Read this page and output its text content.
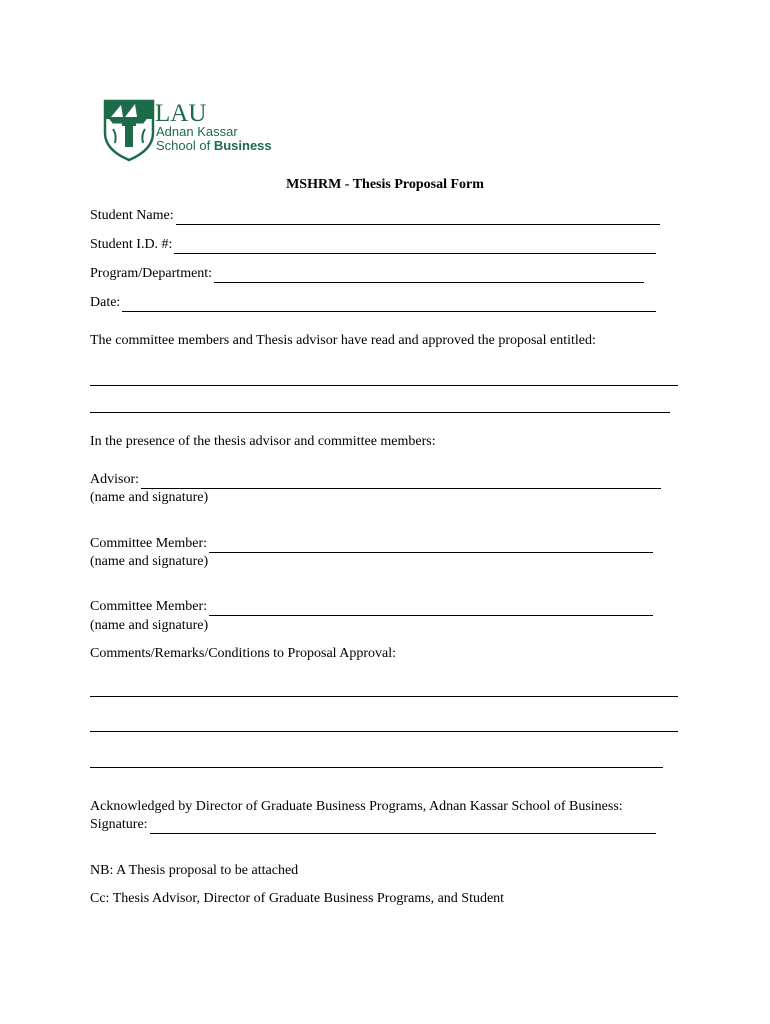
LAU
Adnan Kassar
School of Business
MSHRM - Thesis Proposal Form
Student Name:
Student I.D. #:
Program/Department:
Date:
The committee members and Thesis advisor have read and approved the proposal entitled:
In the presence of the thesis advisor and committee members:
Advisor:
(name and signature)
Committee Member:
(name and signature)
Committee Member:
(name and signature)
Comments/Remarks/Conditions to Proposal Approval:
Acknowledged by Director of Graduate Business Programs, Adnan Kassar School of Business:
Signature:
NB: A Thesis proposal to be attached
Cc: Thesis Advisor, Director of Graduate Business Programs, and Student
